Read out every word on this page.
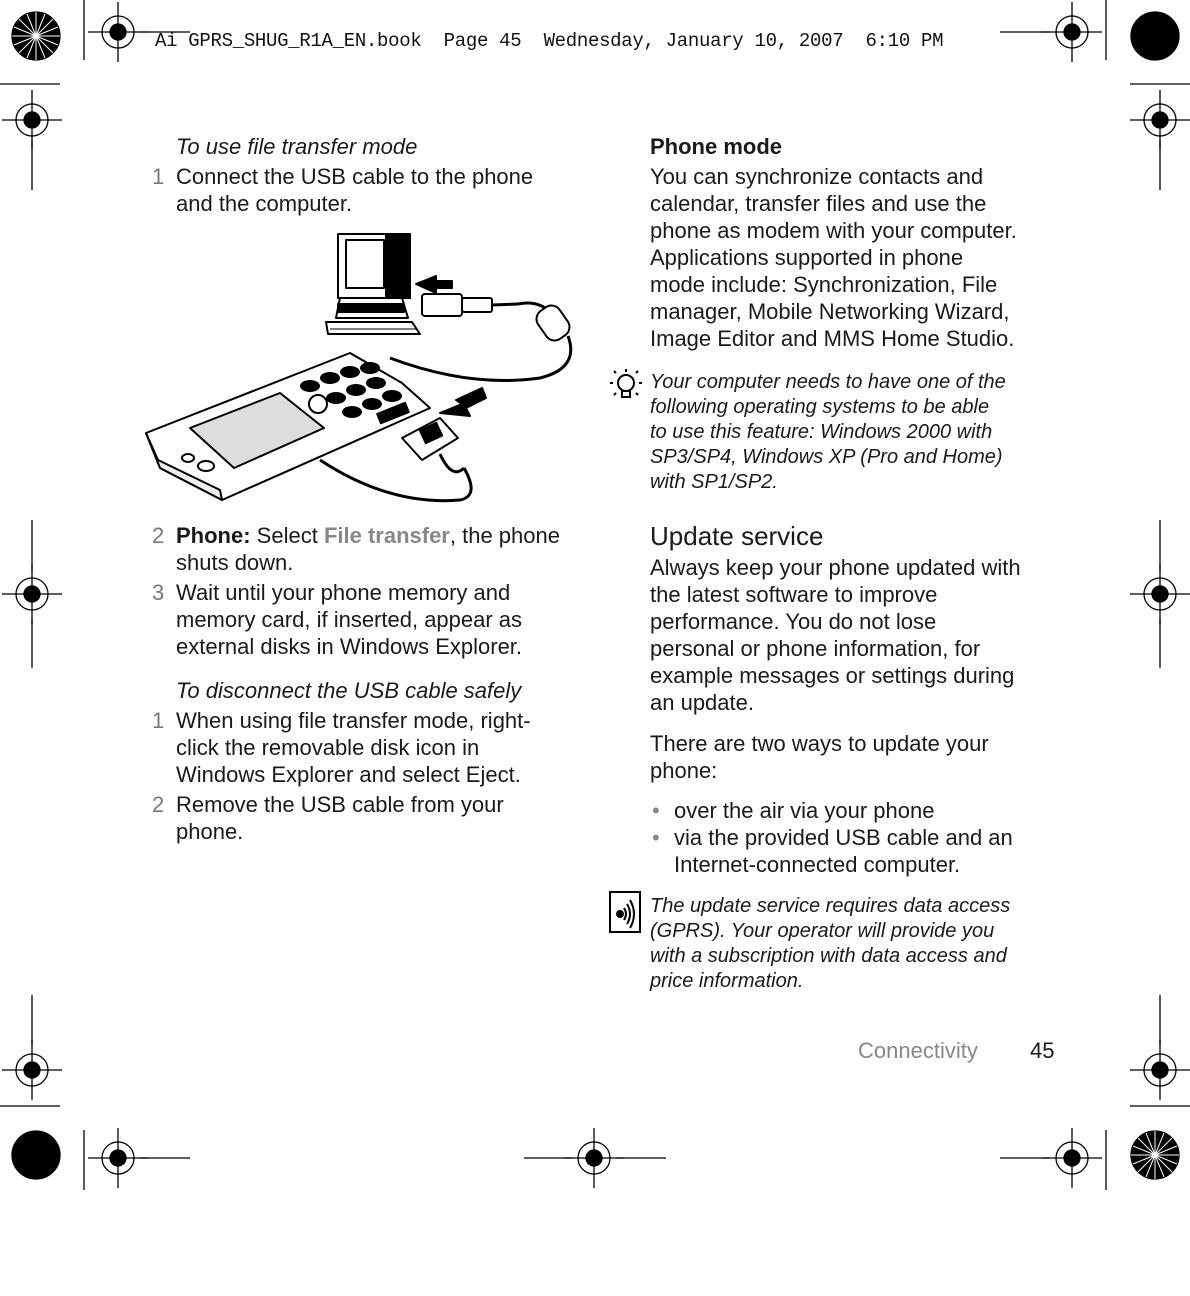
Ai GPRS_SHUG_R1A_EN.book  Page 45  Wednesday, January 10, 2007  6:10 PM
To use file transfer mode
1 Connect the USB cable to the phone
and the computer.
2 Phone: Select File transfer, the phone
shuts down.
3 Wait until your phone memory and
memory card, if inserted, appear as
external disks in Windows Explorer.
To disconnect the USB cable safely
1 When using file transfer mode, right-
click the removable disk icon in
Windows Explorer and select Eject.
2 Remove the USB cable from your
phone.
Phone mode
You can synchronize contacts and
calendar, transfer files and use the
phone as modem with your computer.
Applications supported in phone
mode include: Synchronization, File
manager, Mobile Networking Wizard,
Image Editor and MMS Home Studio.
Your computer needs to have one of the
following operating systems to be able
to use this feature: Windows 2000 with
SP3/SP4, Windows XP (Pro and Home)
with SP1/SP2.
Update service
Always keep your phone updated with
the latest software to improve
performance. You do not lose
personal or phone information, for
example messages or settings during
an update.
There are two ways to update your
phone:
• over the air via your phone
• via the provided USB cable and an
Internet-connected computer.
The update service requires data access
(GPRS). Your operator will provide you
with a subscription with data access and
price information.
Connectivity 45
